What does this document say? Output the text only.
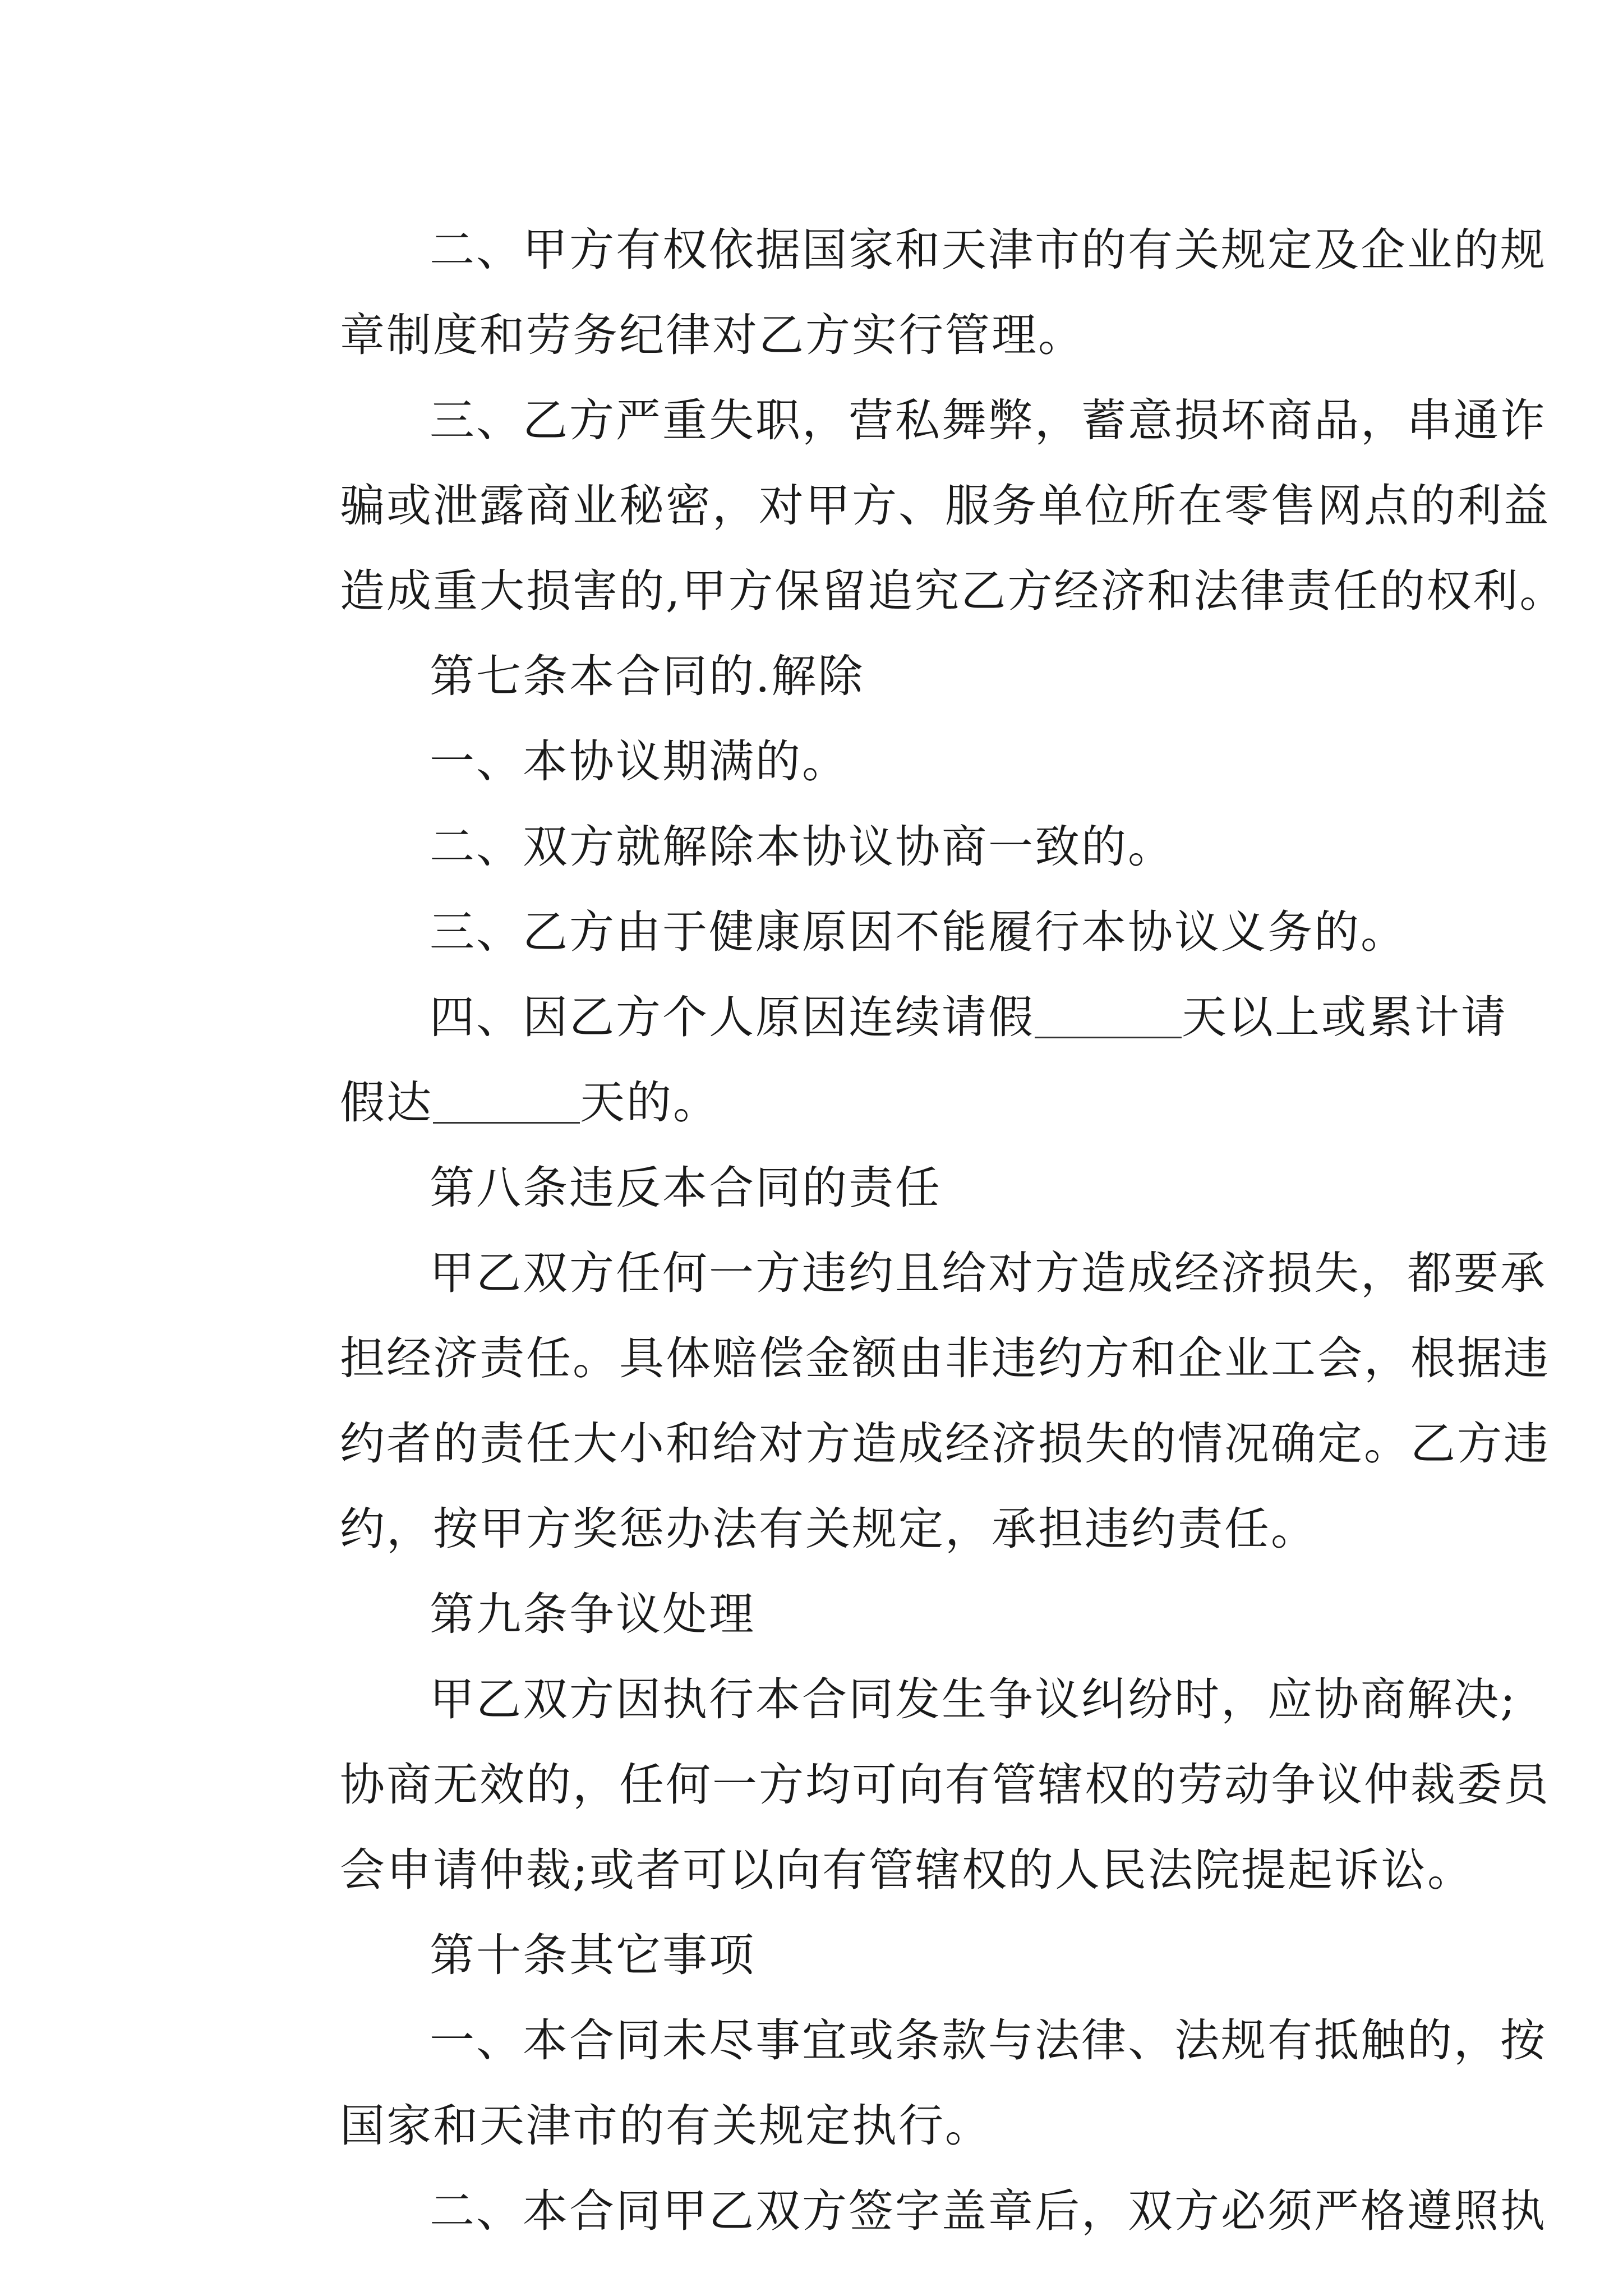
二、甲方有权依据国家和天津市的有关规定及企业的规
章制度和劳务纪律对乙方实行管理。
三、乙方严重失职，营私舞弊，蓄意损坏商品，串通诈
骗或泄露商业秘密，对甲方、服务单位所在零售网点的利益
造成重大损害的,甲方保留追究乙方经济和法律责任的权利。
第七条本合同的.解除
一、本协议期满的。
二、双方就解除本协议协商一致的。
三、乙方由于健康原因不能履行本协议义务的。
四、因乙方个人原因连续请假	天以上或累计请
假达	天的。
第八条违反本合同的责任
甲乙双方任何一方违约且给对方造成经济损失，都要承
担经济责任。具体赔偿金额由非违约方和企业工会，根据违
约者的责任大小和给对方造成经济损失的情况确定。乙方违
约，按甲方奖惩办法有关规定，承担违约责任。
第九条争议处理
甲乙双方因执行本合同发生争议纠纷时，应协商解决;
协商无效的，任何一方均可向有管辖权的劳动争议仲裁委员
会申请仲裁;或者可以向有管辖权的人民法院提起诉讼。
第十条其它事项
一、本合同未尽事宜或条款与法律、法规有抵触的，按
国家和天津市的有关规定执行。
二、本合同甲乙双方签字盖章后，双方必须严格遵照执
